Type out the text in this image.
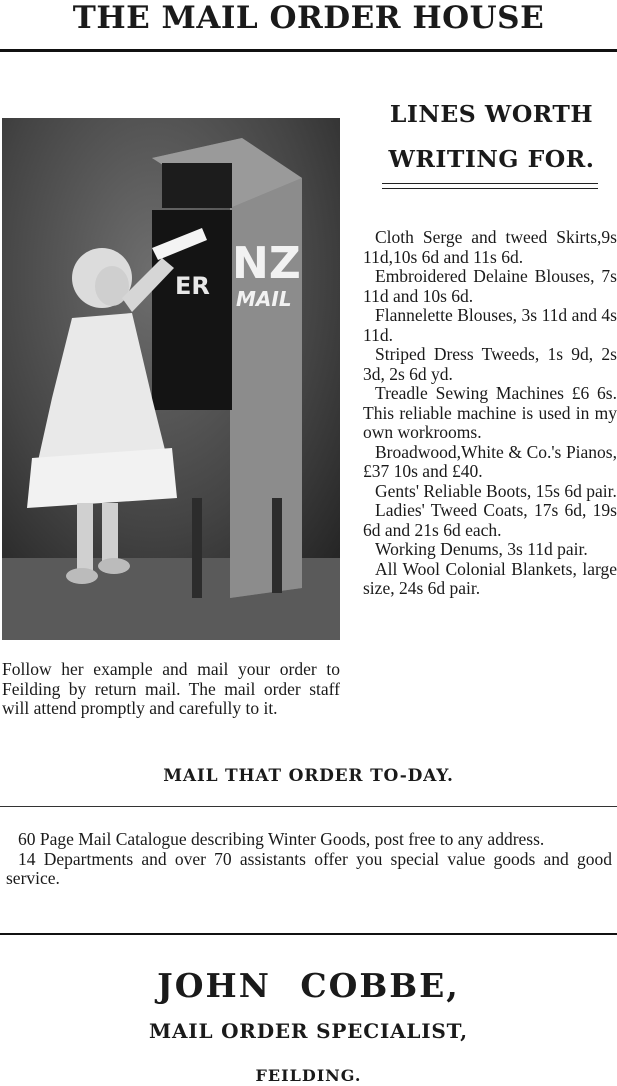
THE MAIL ORDER HOUSE
ER NZ
MAIL
Follow her example and mail your order to Feilding by return mail. The mail order staff will attend promptly and carefully to it.
LINES WORTH
WRITING FOR.

Cloth Serge and tweed Skirts,9s 11d,10s 6d and 11s 6d.

Embroidered Delaine Blouses, 7s 11d and 10s 6d.

Flannelette Blouses, 3s 11d and 4s 11d.

Striped Dress Tweeds, 1s 9d, 2s 3d, 2s 6d yd.

Treadle Sewing Machines £6 6s. This reliable machine is used in my own workrooms.

Broadwood,White & Co.'s Pianos, £37 10s and £40.

Gents' Reliable Boots, 15s 6d pair.

Ladies' Tweed Coats, 17s 6d, 19s 6d and 21s 6d each.

Working Denums, 3s 11d pair.

All Wool Colonial Blankets, large size, 24s 6d pair.

MAIL THAT ORDER TO-DAY.

60 Page Mail Catalogue describing Winter Goods, post free to any address.

14 Departments and over 70 assistants offer you special value goods and good service.

JOHN COBBE,
MAIL ORDER SPECIALIST,
FEILDING.
